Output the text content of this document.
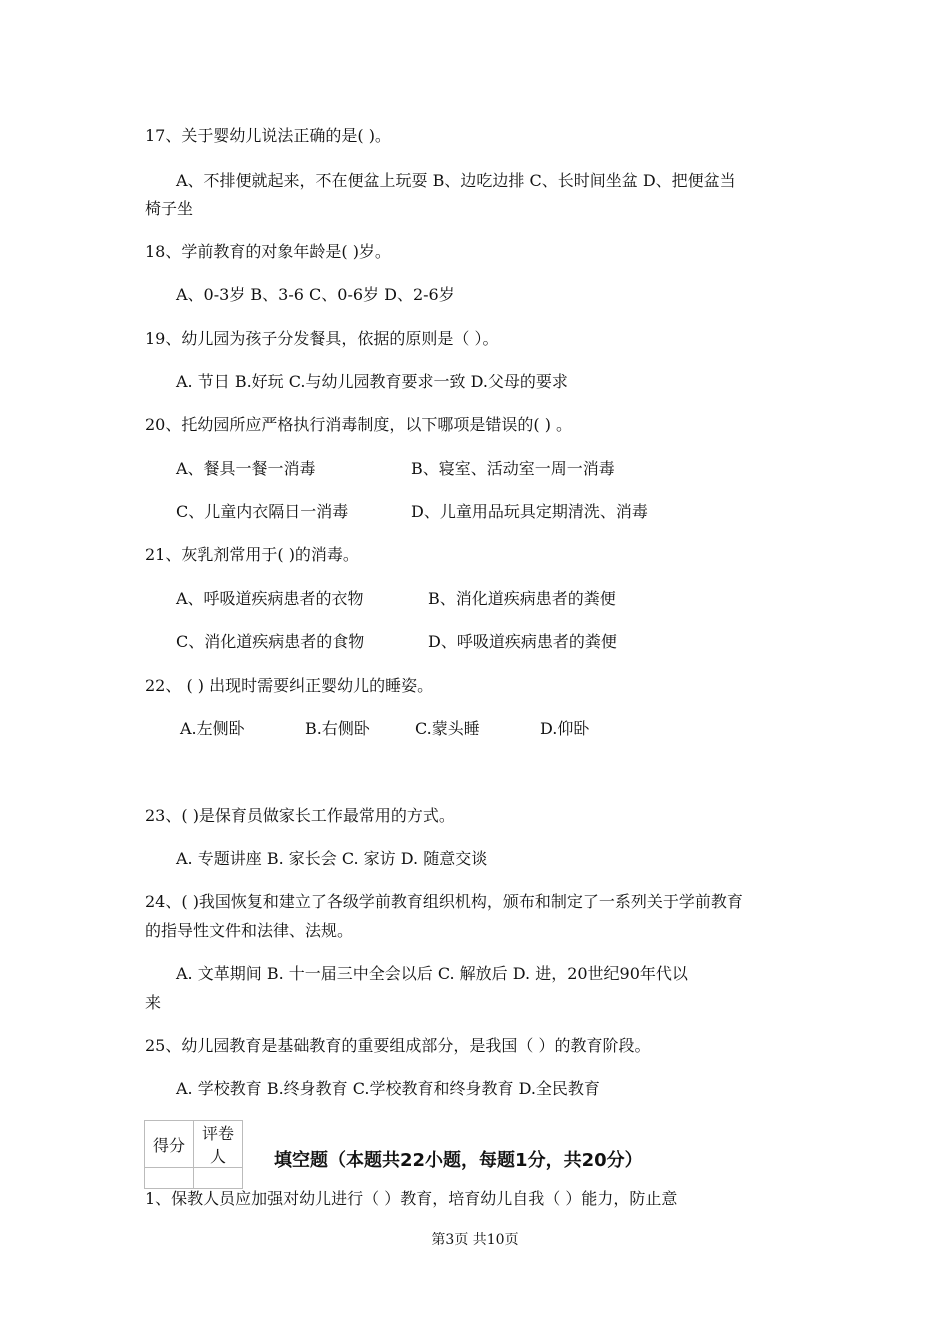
17、关于婴幼儿说法正确的是( )。
A、不排便就起来，不在便盆上玩耍 B、边吃边排 C、长时间坐盆 D、把便盆当
椅子坐
18、学前教育的对象年龄是( )岁。
A、0-3岁 B、3-6 C、0-6岁 D、2-6岁
19、幼儿园为孩子分发餐具，依据的原则是（ ）。
A. 节日 B.好玩 C.与幼儿园教育要求一致 D.父母的要求
20、托幼园所应严格执行消毒制度，以下哪项是错误的( ) 。
A、餐具一餐一消毒	B、寝室、活动室一周一消毒
C、儿童内衣隔日一消毒	D、儿童用品玩具定期清洗、消毒
21、灰乳剂常用于( )的消毒。
A、呼吸道疾病患者的衣物	B、消化道疾病患者的粪便
C、消化道疾病患者的食物	D、呼吸道疾病患者的粪便
22、 ( ) 出现时需要纠正婴幼儿的睡姿。
A.左侧卧	B.右侧卧	C.蒙头睡	D.仰卧
23、( )是保育员做家长工作最常用的方式。
A. 专题讲座 B. 家长会 C. 家访 D. 随意交谈
24、( )我国恢复和建立了各级学前教育组织机构，颁布和制定了一系列关于学前教育
的指导性文件和法律、法规。
A. 文革期间 B. 十一届三中全会以后 C. 解放后 D. 进，20世纪90年代以
来
25、幼儿园教育是基础教育的重要组成部分，是我国（ ）的教育阶段。
A. 学校教育 B.终身教育 C.学校教育和终身教育 D.全民教育
得分	评卷人
		填空题（本题共22小题，每题1分，共20分）
1、保教人员应加强对幼儿进行（ ）教育，培育幼儿自我（ ）能力，防止意
第3页 共10页
